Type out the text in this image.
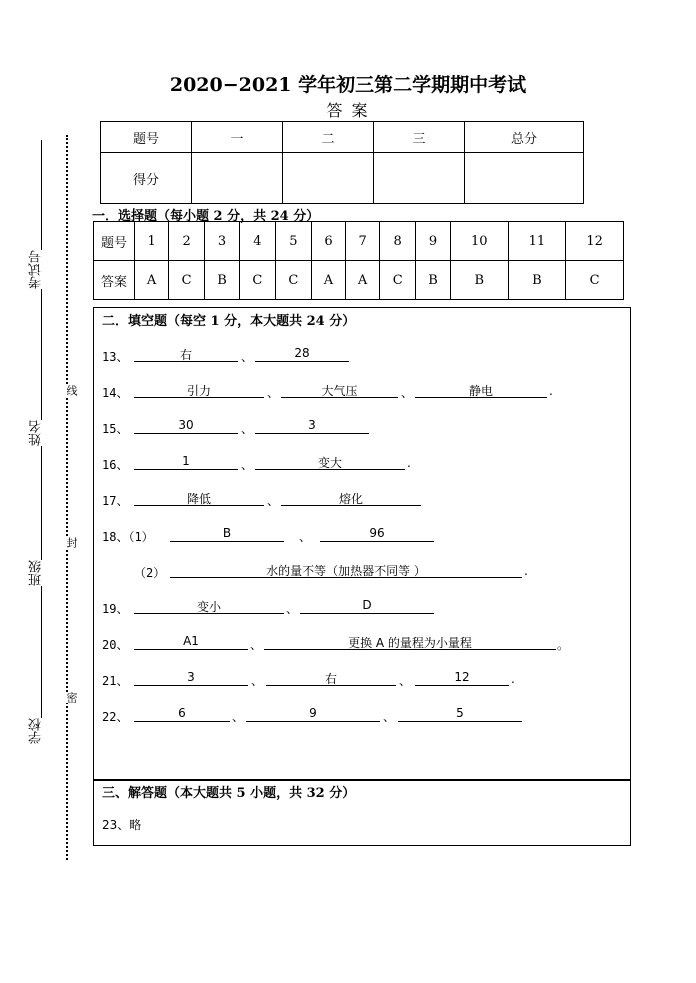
考试号
姓名
班级
学校
线
封
密
2020−2021 学年初三第二学期期中考试
答 案
题号	一	二	三	总分
得分				
一．选择题（每小题 2 分，共 24 分）
题号	1	2	3	4	5	6	7	8	9	10	11	12
答案	A	C	B	C	C	A	A	C	B	B	B	C
二．填空题（每空 1 分，本大题共 24 分）
13、	右	、	28
14、	引力	、	大气压	、	静电	.
15、	30	、	3
16、	1	、	变大	.
17、	降低	、	熔化
18、（1）	B	、	96
（2）	水的量不等（加热器不同等 ）	.
19、	变小	、	D
20、	A1	、	更换 A 的量程为小量程	。
21、	3	、	右	、	12	.
22、	6	、	9	、	5
三、解答题（本大题共 5 小题，共 32 分）
23、略
